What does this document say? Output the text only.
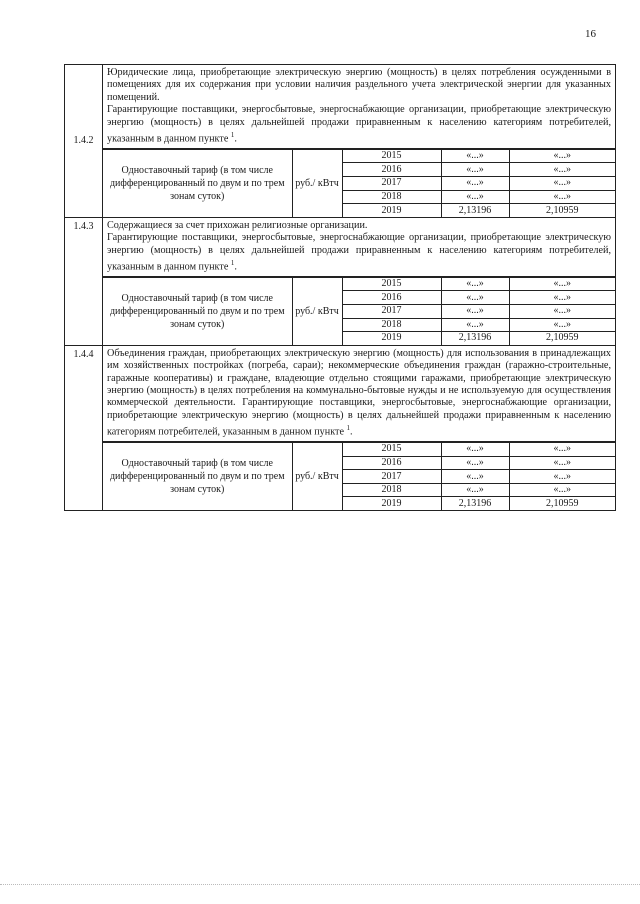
16
1.4.2	

Юридические лица, приобретающие электрическую энергию (мощность) в целях потребления осужденными в помещениях для их содержания при условии наличия раздельного учета электрической энергии для указанных помещений.

Гарантирующие поставщики, энергосбытовые, энергоснабжающие организации, приобретающие электрическую энергию (мощность) в целях дальнейшей продажи приравненным к населению категориям потребителей, указанным в данном пункте $^1$.

Одноставочный тариф (в том числе дифференцированный по двум и по трем зонам суток)	руб./ кВтч	2015	«...»	«...»
2016	«...»	«...»
2017	«...»	«...»
2018	«...»	«...»
2019	2,13196	2,10959

1.4.3	Содержащиеся за счет прихожан религиозные организации.

Гарантирующие поставщики, энергосбытовые, энергоснабжающие организации, приобретающие электрическую энергию (мощность) в целях дальнейшей продажи приравненным к населению категориям потребителей, указанным в данном пункте $^1$.

Одноставочный тариф (в том числе дифференцированный по двум и по трем зонам суток)	руб./ кВтч	2015	«...»	«...»
2016	«...»	«...»
2017	«...»	«...»
2018	«...»	«...»
2019	2,13196	2,10959

1.4.4	Объединения граждан, приобретающих электрическую энергию (мощность) для использования в принадлежащих им хозяйственных постройках (погреба, сараи); некоммерческие объединения граждан (гаражно-строительные, гаражные кооперативы) и граждане, владеющие отдельно стоящими гаражами, приобретающие электрическую энергию (мощность) в целях потребления на коммунально-бытовые нужды и не используемую для осуществления коммерческой деятельности. Гарантирующие поставщики, энергосбытовые, энергоснабжающие организации, приобретающие электрическую энергию (мощность) в целях дальнейшей продажи приравненным к населению категориям потребителей, указанным в данном пункте $^1$.

Одноставочный тариф (в том числе дифференцированный по двум и по трем зонам суток)	руб./ кВтч	2015	«...»	«...»
2016	«...»	«...»
2017	«...»	«...»
2018	«...»	«...»
2019	2,13196	2,10959
